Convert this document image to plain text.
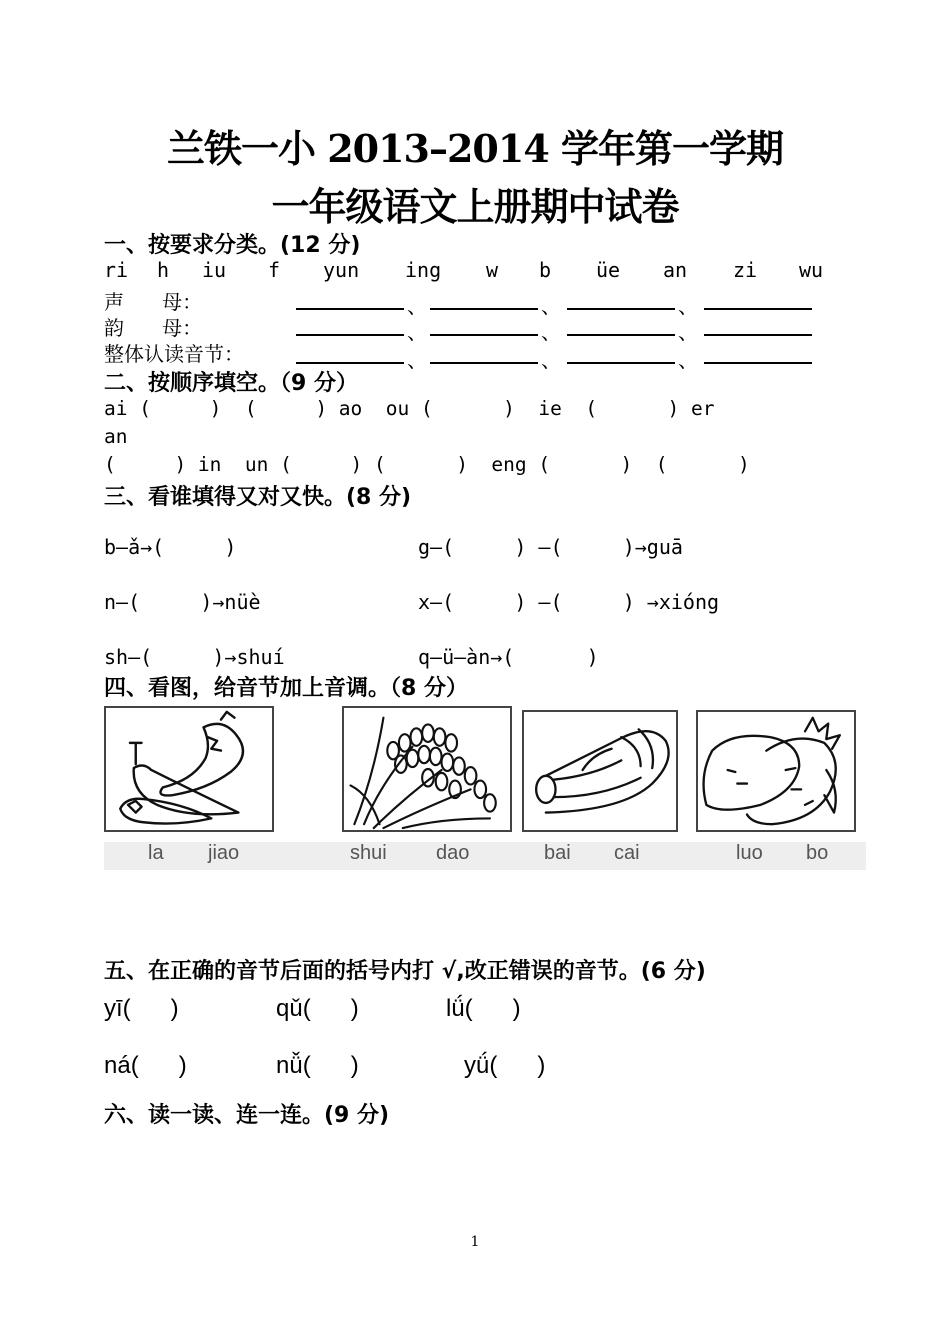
兰铁一小 2013–2014 学年第一学期
一年级语文上册期中试卷
一、按要求分类。(12 分)
ri h iu f yun ing w b üe an zi wu
声      母：	、	、	、
韵      母：	、	、	、
整体认读音节：	、	、	、
二、按顺序填空。（9 分）
ai (     )  (     ) ao  ou (      )  ie  (      ) er
an
(     ) in  un (     ) (      )  eng (      )  (      )
三、看谁填得又对又快。(8 分)
b—ǎ→(     )	g—(     ) —(     )→guā
n—(     )→nüè	x—(     ) —(     ) →xióng
sh—(     )→shuí	q—ü—àn→(      )
四、看图，给音节加上音调。（8 分）
la jiao	shui dao	bai cai	luo bo
五、在正确的音节后面的括号内打 √,改正错误的音节。(6 分)
yī(      )	qǔ(      )	lǘ(      )
ná(      )	nǚ(      )	yǘ(      )
六、读一读、连一连。(9 分)
1
